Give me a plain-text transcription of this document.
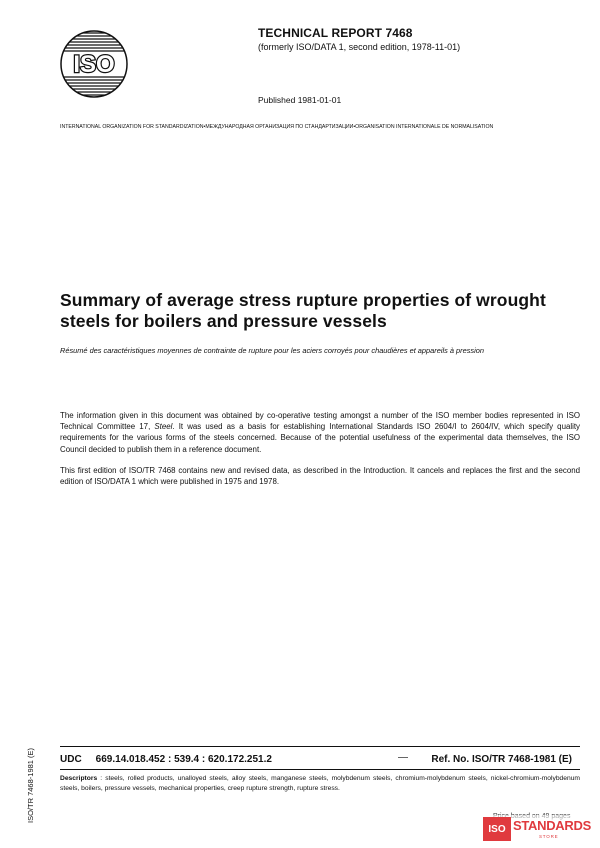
ISO
TECHNICAL REPORT 7468
(formerly ISO/DATA 1, second edition, 1978-11-01)
Published 1981-01-01
INTERNATIONAL ORGANIZATION FOR STANDARDIZATION•МЕЖДУНАРОДНАЯ ОРГАНИЗАЦИЯ ПО СТАНДАРТИЗАЦИИ•ORGANISATION INTERNATIONALE DE NORMALISATION
Summary of average stress rupture properties of wrought steels for boilers and pressure vessels
Résumé des caractéristiques moyennes de contrainte de rupture pour les aciers corroyés pour chaudières et appareils à pression
The information given in this document was obtained by co-operative testing amongst a number of the ISO member bodies represented in ISO Technical Committee 17, Steel. It was used as a basis for establishing International Standards ISO 2604/I to 2604/IV, which specify quality requirements for the various forms of the steels concerned. Because of the potential usefulness of the experimental data themselves, the ISO Council decided to publish them in a reference document.
This first edition of ISO/TR 7468 contains new and revised data, as described in the Introduction. It cancels and replaces the first and the second edition of ISO/DATA 1 which were published in 1975 and 1978.
ISO/TR 7468-1981 (E)	UDC 669.14.018.452 : 539.4 : 620.172.251.2	Ref. No. ISO/TR 7468-1981 (E)
Descriptors : steels, rolled products, unalloyed steels, alloy steels, manganese steels, molybdenum steels, chromium-molybdenum steels, nickel-chromium-molybdenum steels, boilers, pressure vessels, mechanical properties, creep rupture strength, rupture stress.
ISO STANDARDS
STORE
